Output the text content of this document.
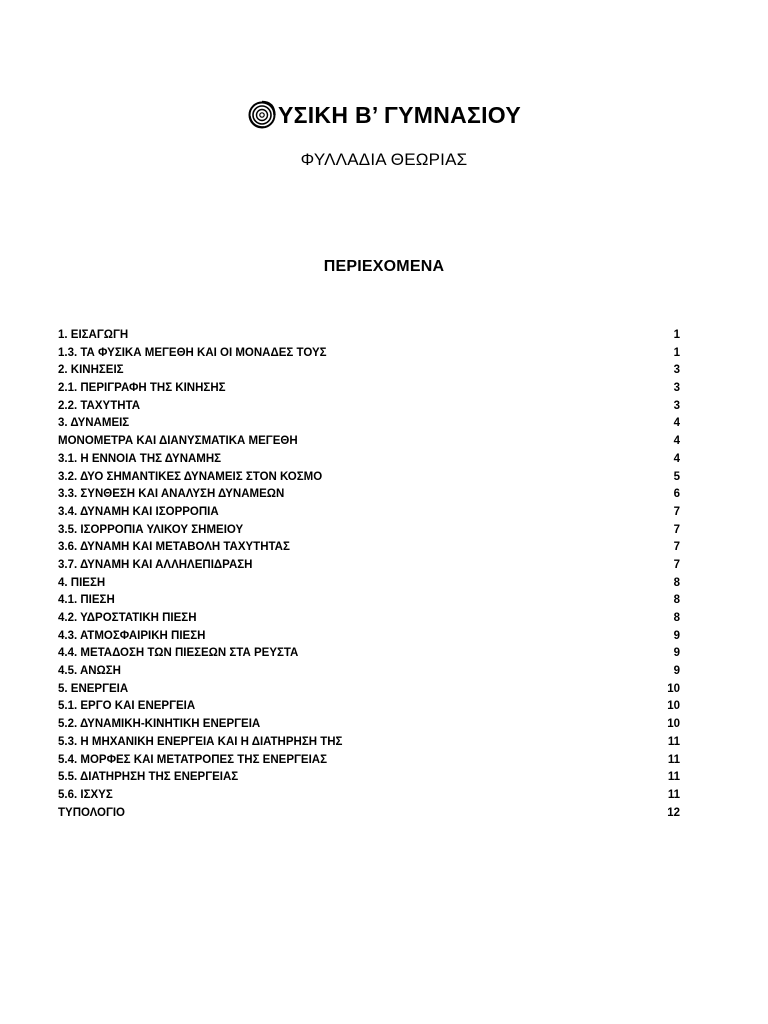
ΥΣΙΚΗ Β’ ΓΥΜΝΑΣΙΟΥ
ΦΥΛΛΑΔΙΑ ΘΕΩΡΙΑΣ
ΠΕΡΙΕΧΟΜΕΝΑ
1. ΕΙΣΑΓΩΓΗ	1
1.3. ΤΑ ΦΥΣΙΚΑ ΜΕΓΕΘΗ ΚΑΙ ΟΙ ΜΟΝΑΔΕΣ ΤΟΥΣ	1
2. ΚΙΝΗΣΕΙΣ	3
2.1. ΠΕΡΙΓΡΑΦΗ ΤΗΣ ΚΙΝΗΣΗΣ	3
2.2. ΤΑΧΥΤΗΤΑ	3
3. ΔΥΝΑΜΕΙΣ	4
ΜΟΝΟΜΕΤΡΑ ΚΑΙ ΔΙΑΝΥΣΜΑΤΙΚΑ ΜΕΓΕΘΗ	4
3.1. Η ΕΝΝΟΙΑ ΤΗΣ ΔΥΝΑΜΗΣ	4
3.2. ΔΥΟ ΣΗΜΑΝΤΙΚΕΣ ΔΥΝΑΜΕΙΣ ΣΤΟΝ ΚΟΣΜΟ	5
3.3. ΣΥΝΘΕΣΗ ΚΑΙ ΑΝΑΛΥΣΗ ΔΥΝΑΜΕΩΝ	6
3.4. ΔΥΝΑΜΗ ΚΑΙ ΙΣΟΡΡΟΠΙΑ	7
3.5. ΙΣΟΡΡΟΠΙΑ ΥΛΙΚΟΥ ΣΗΜΕΙΟΥ	7
3.6. ΔΥΝΑΜΗ ΚΑΙ ΜΕΤΑΒΟΛΗ ΤΑΧΥΤΗΤΑΣ	7
3.7. ΔΥΝΑΜΗ ΚΑΙ ΑΛΛΗΛΕΠΙΔΡΑΣΗ	7
4. ΠΙΕΣΗ	8
4.1. ΠΙΕΣΗ	8
4.2. ΥΔΡΟΣΤΑΤΙΚΗ ΠΙΕΣΗ	8
4.3. ΑΤΜΟΣΦΑΙΡΙΚΗ ΠΙΕΣΗ	9
4.4. ΜΕΤΑΔΟΣΗ ΤΩΝ ΠΙΕΣΕΩΝ ΣΤΑ ΡΕΥΣΤΑ	9
4.5. ΑΝΩΣΗ	9
5. ΕΝΕΡΓΕΙΑ	10
5.1. ΕΡΓΟ ΚΑΙ ΕΝΕΡΓΕΙΑ	10
5.2. ΔΥΝΑΜΙΚΗ-ΚΙΝΗΤΙΚΗ ΕΝΕΡΓΕΙΑ	10
5.3. Η ΜΗΧΑΝΙΚΗ ΕΝΕΡΓΕΙΑ ΚΑΙ Η ΔΙΑΤΗΡΗΣΗ ΤΗΣ	11
5.4. ΜΟΡΦΕΣ ΚΑΙ ΜΕΤΑΤΡΟΠΕΣ ΤΗΣ ΕΝΕΡΓΕΙΑΣ	11
5.5. ΔΙΑΤΗΡΗΣΗ ΤΗΣ ΕΝΕΡΓΕΙΑΣ	11
5.6. ΙΣΧΥΣ	11
ΤΥΠΟΛΟΓΙΟ	12
